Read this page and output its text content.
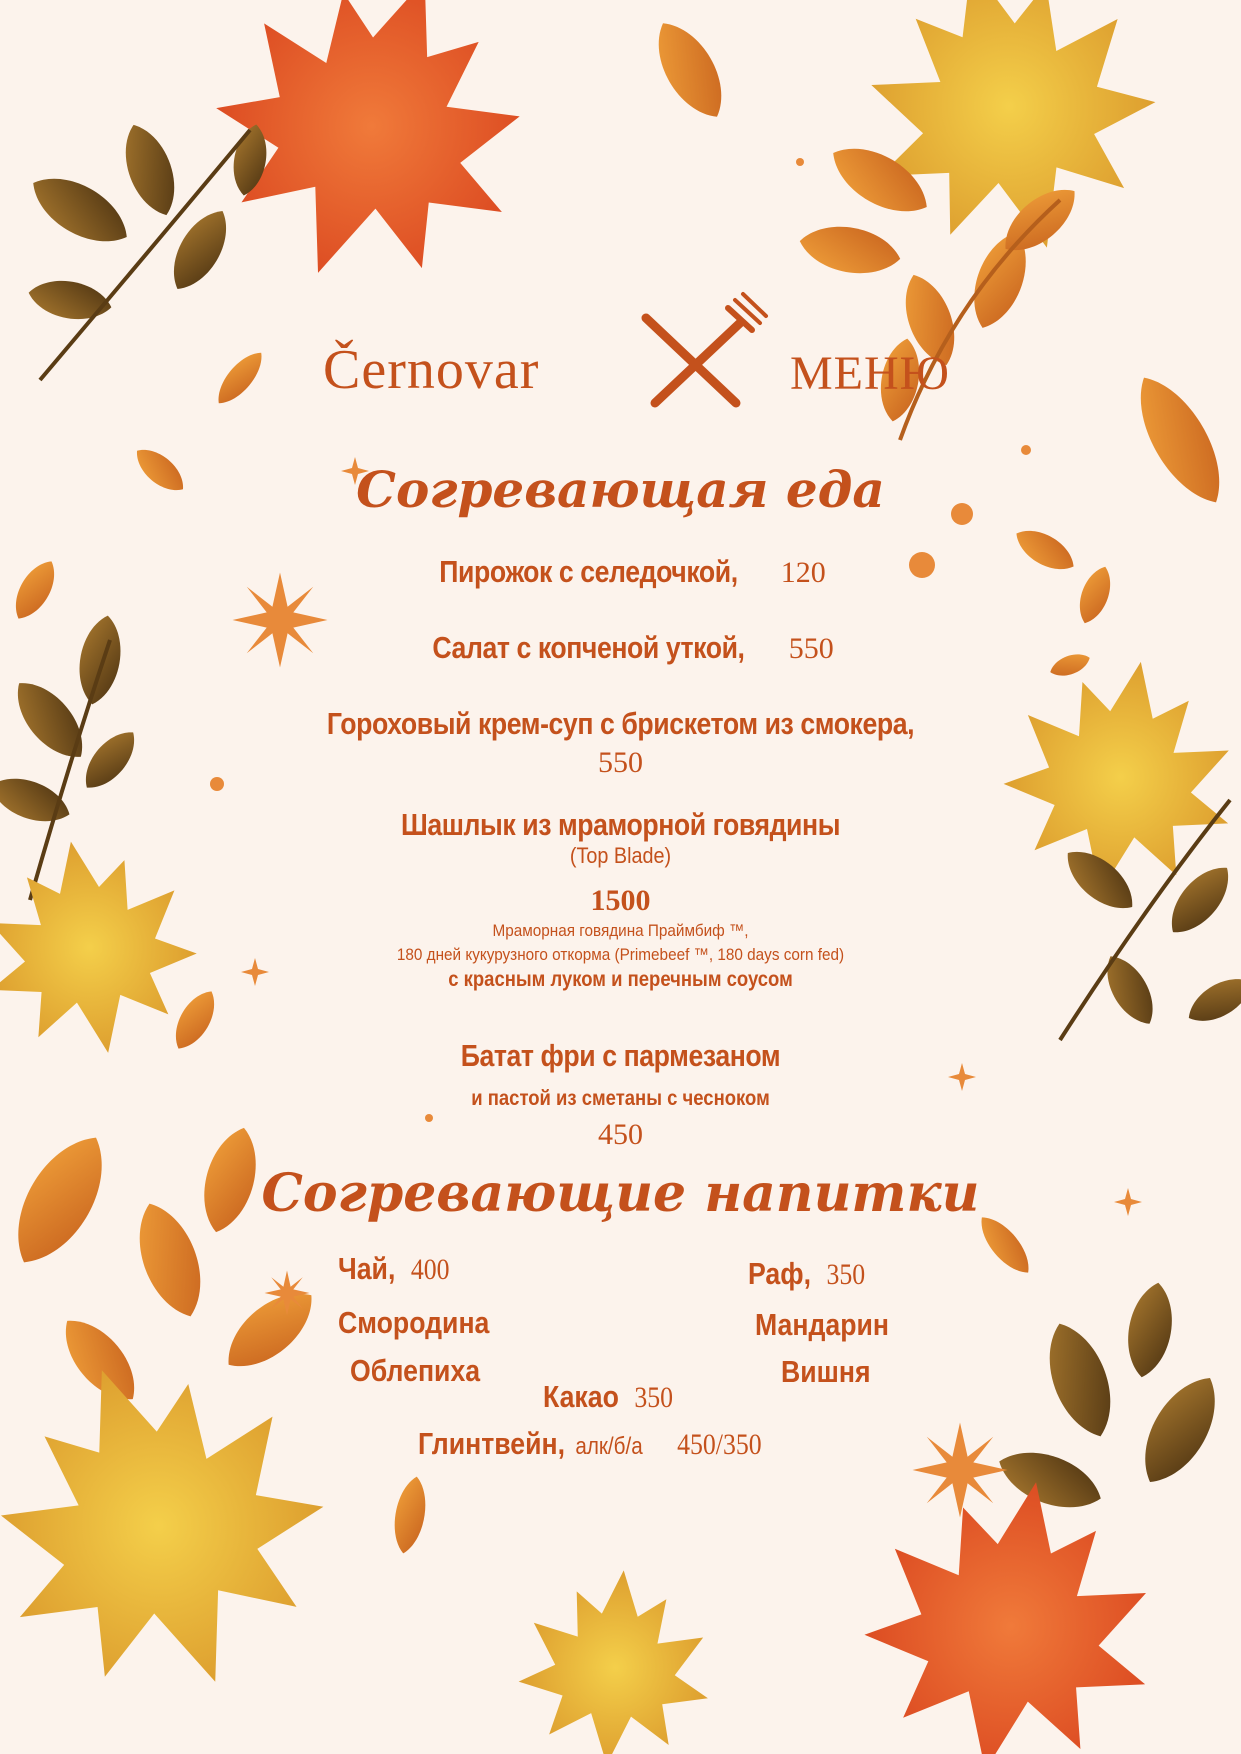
Černovar	МЕНЮ
Согревающая еда
Пирожок с селедочкой, 120
Салат с копченой уткой, 550
Гороховый крем-суп с брискетом из смокера,
550
Шашлык из мраморной говядины
(Top Blade)
1500
Мраморная говядина Праймбиф ™,
180 дней кукурузного откорма (Primebeef ™, 180 days corn fed)
с красным луком и перечным соусом
Батат фри с пармезаном
и пастой из сметаны с чесноком
450
Согревающие напитки
Чай, 400
Смородина
Облепиха
Раф, 350
Мандарин
Вишня
Какао 350
Глинтвейн, алк/б/а 450/350
